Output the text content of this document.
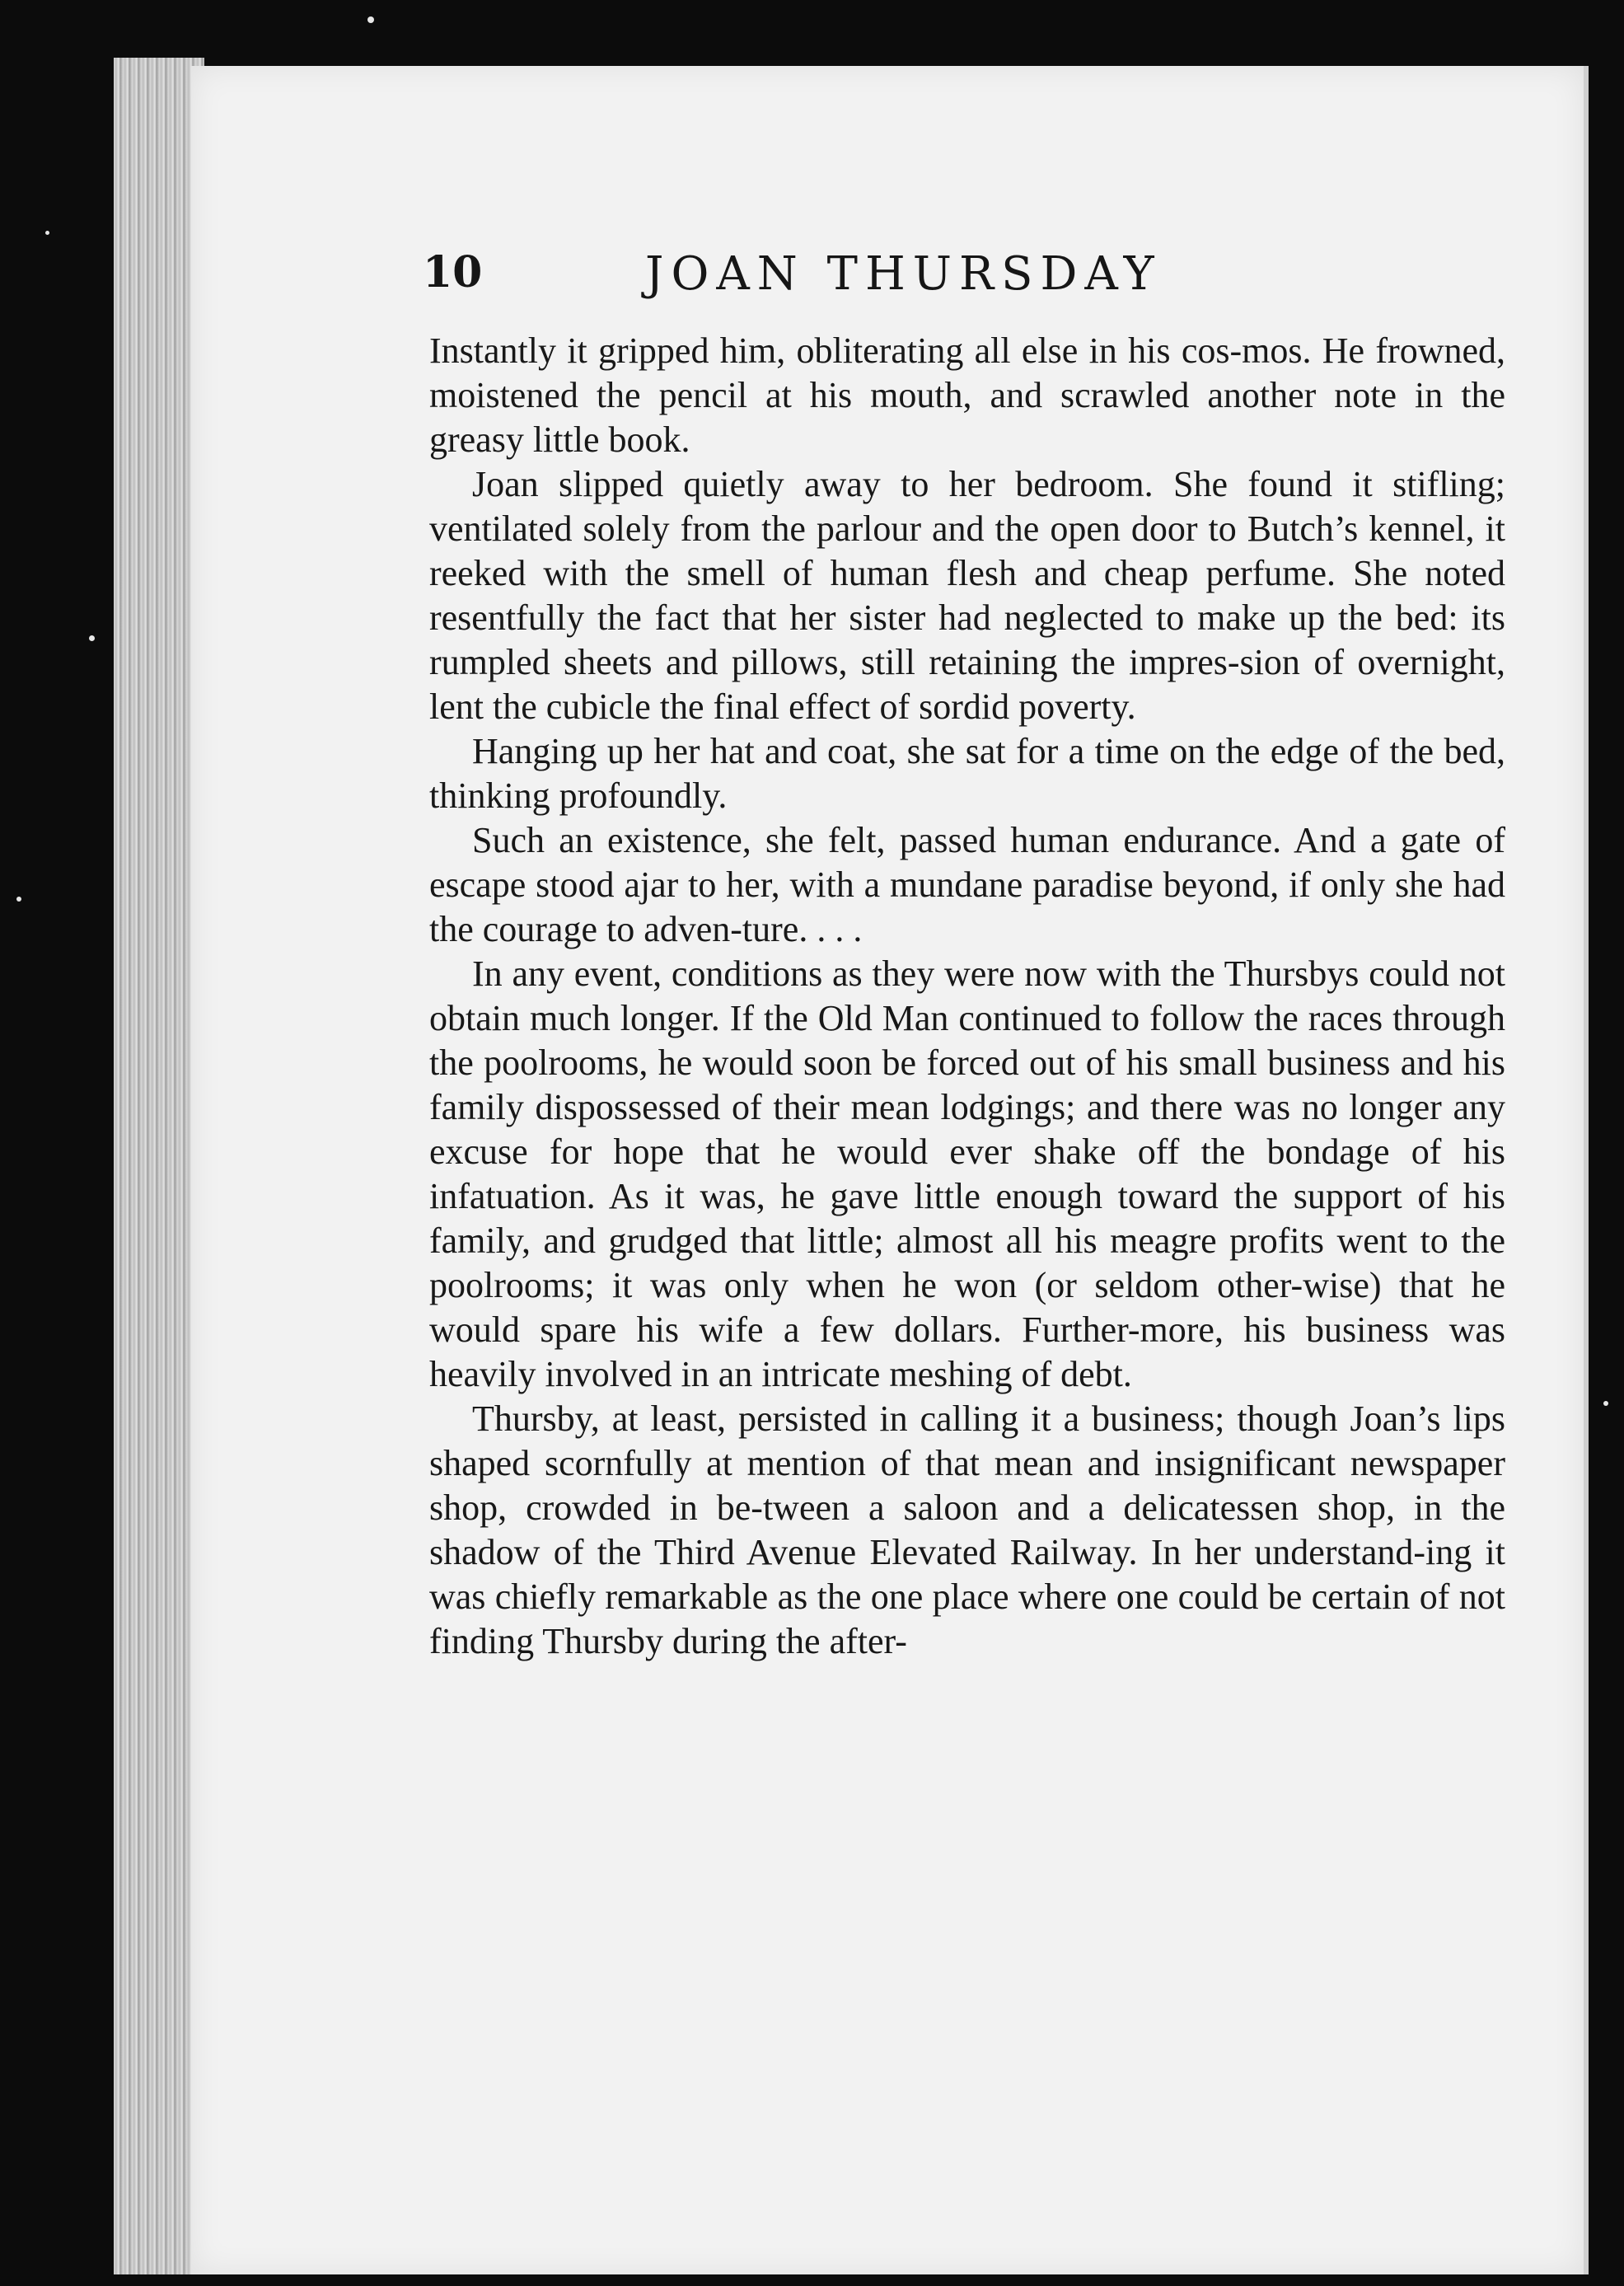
10	JOAN THURSDAY

Instantly it gripped him, obliterating all else in his cos-mos. He frowned, moistened the pencil at his mouth, and scrawled another note in the greasy little book.

Joan slipped quietly away to her bedroom. She found it stifling; ventilated solely from the parlour and the open door to Butch’s kennel, it reeked with the smell of human flesh and cheap perfume. She noted resentfully the fact that her sister had neglected to make up the bed: its rumpled sheets and pillows, still retaining the impres-sion of overnight, lent the cubicle the final effect of sordid poverty.

Hanging up her hat and coat, she sat for a time on the edge of the bed, thinking profoundly.

Such an existence, she felt, passed human endurance. And a gate of escape stood ajar to her, with a mundane paradise beyond, if only she had the courage to adven-ture. . . .

In any event, conditions as they were now with the Thursbys could not obtain much longer. If the Old Man continued to follow the races through the poolrooms, he would soon be forced out of his small business and his family dispossessed of their mean lodgings; and there was no longer any excuse for hope that he would ever shake off the bondage of his infatuation. As it was, he gave little enough toward the support of his family, and grudged that little; almost all his meagre profits went to the poolrooms; it was only when he won (or seldom other-wise) that he would spare his wife a few dollars. Further-more, his business was heavily involved in an intricate meshing of debt.

Thursby, at least, persisted in calling it a business; though Joan’s lips shaped scornfully at mention of that mean and insignificant newspaper shop, crowded in be-tween a saloon and a delicatessen shop, in the shadow of the Third Avenue Elevated Railway. In her understand-ing it was chiefly remarkable as the one place where one could be certain of not finding Thursby during the after-
